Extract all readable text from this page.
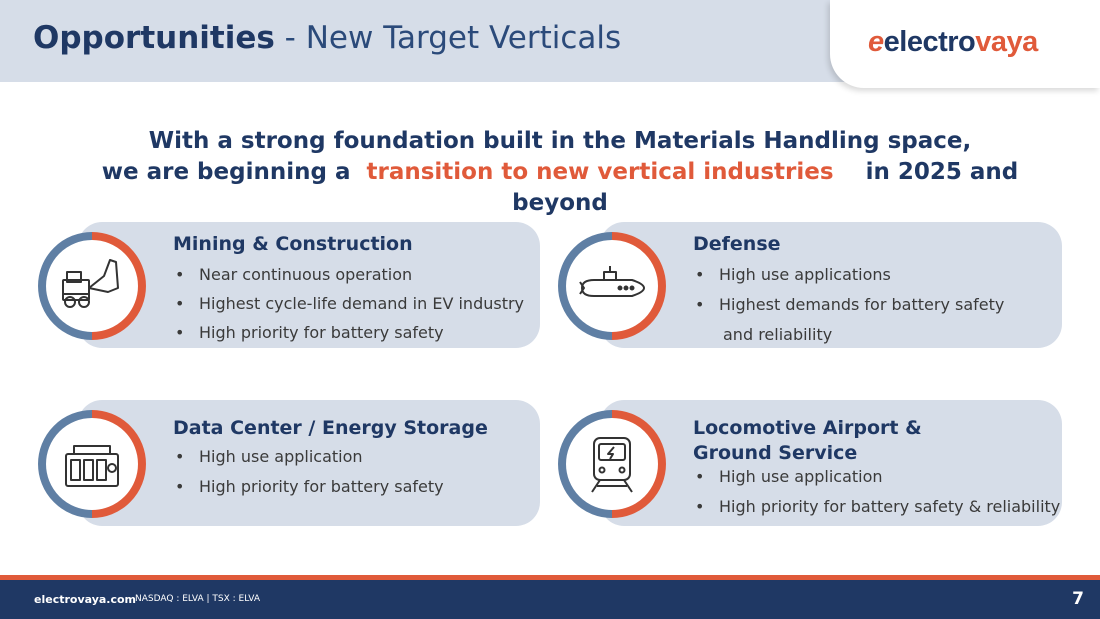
Opportunities - New Target Verticals	eelectrovaya
With a strong foundation built in the Materials Handling space,
we are beginning a  transition to new vertical industries    in 2025 and
beyond
Mining & Construction
• Near continuous operation
• Highest cycle-life demand in EV industry
• High priority for battery safety
Defense
• High use applications
• Highest demands for battery safety
and reliability
Data Center / Energy Storage
• High use application
• High priority for battery safety
Locomotive Airport &
Ground Service
• High use application
• High priority for battery safety & reliability
electrovaya.com
NASDAQ : ELVA | TSX : ELVA	7
